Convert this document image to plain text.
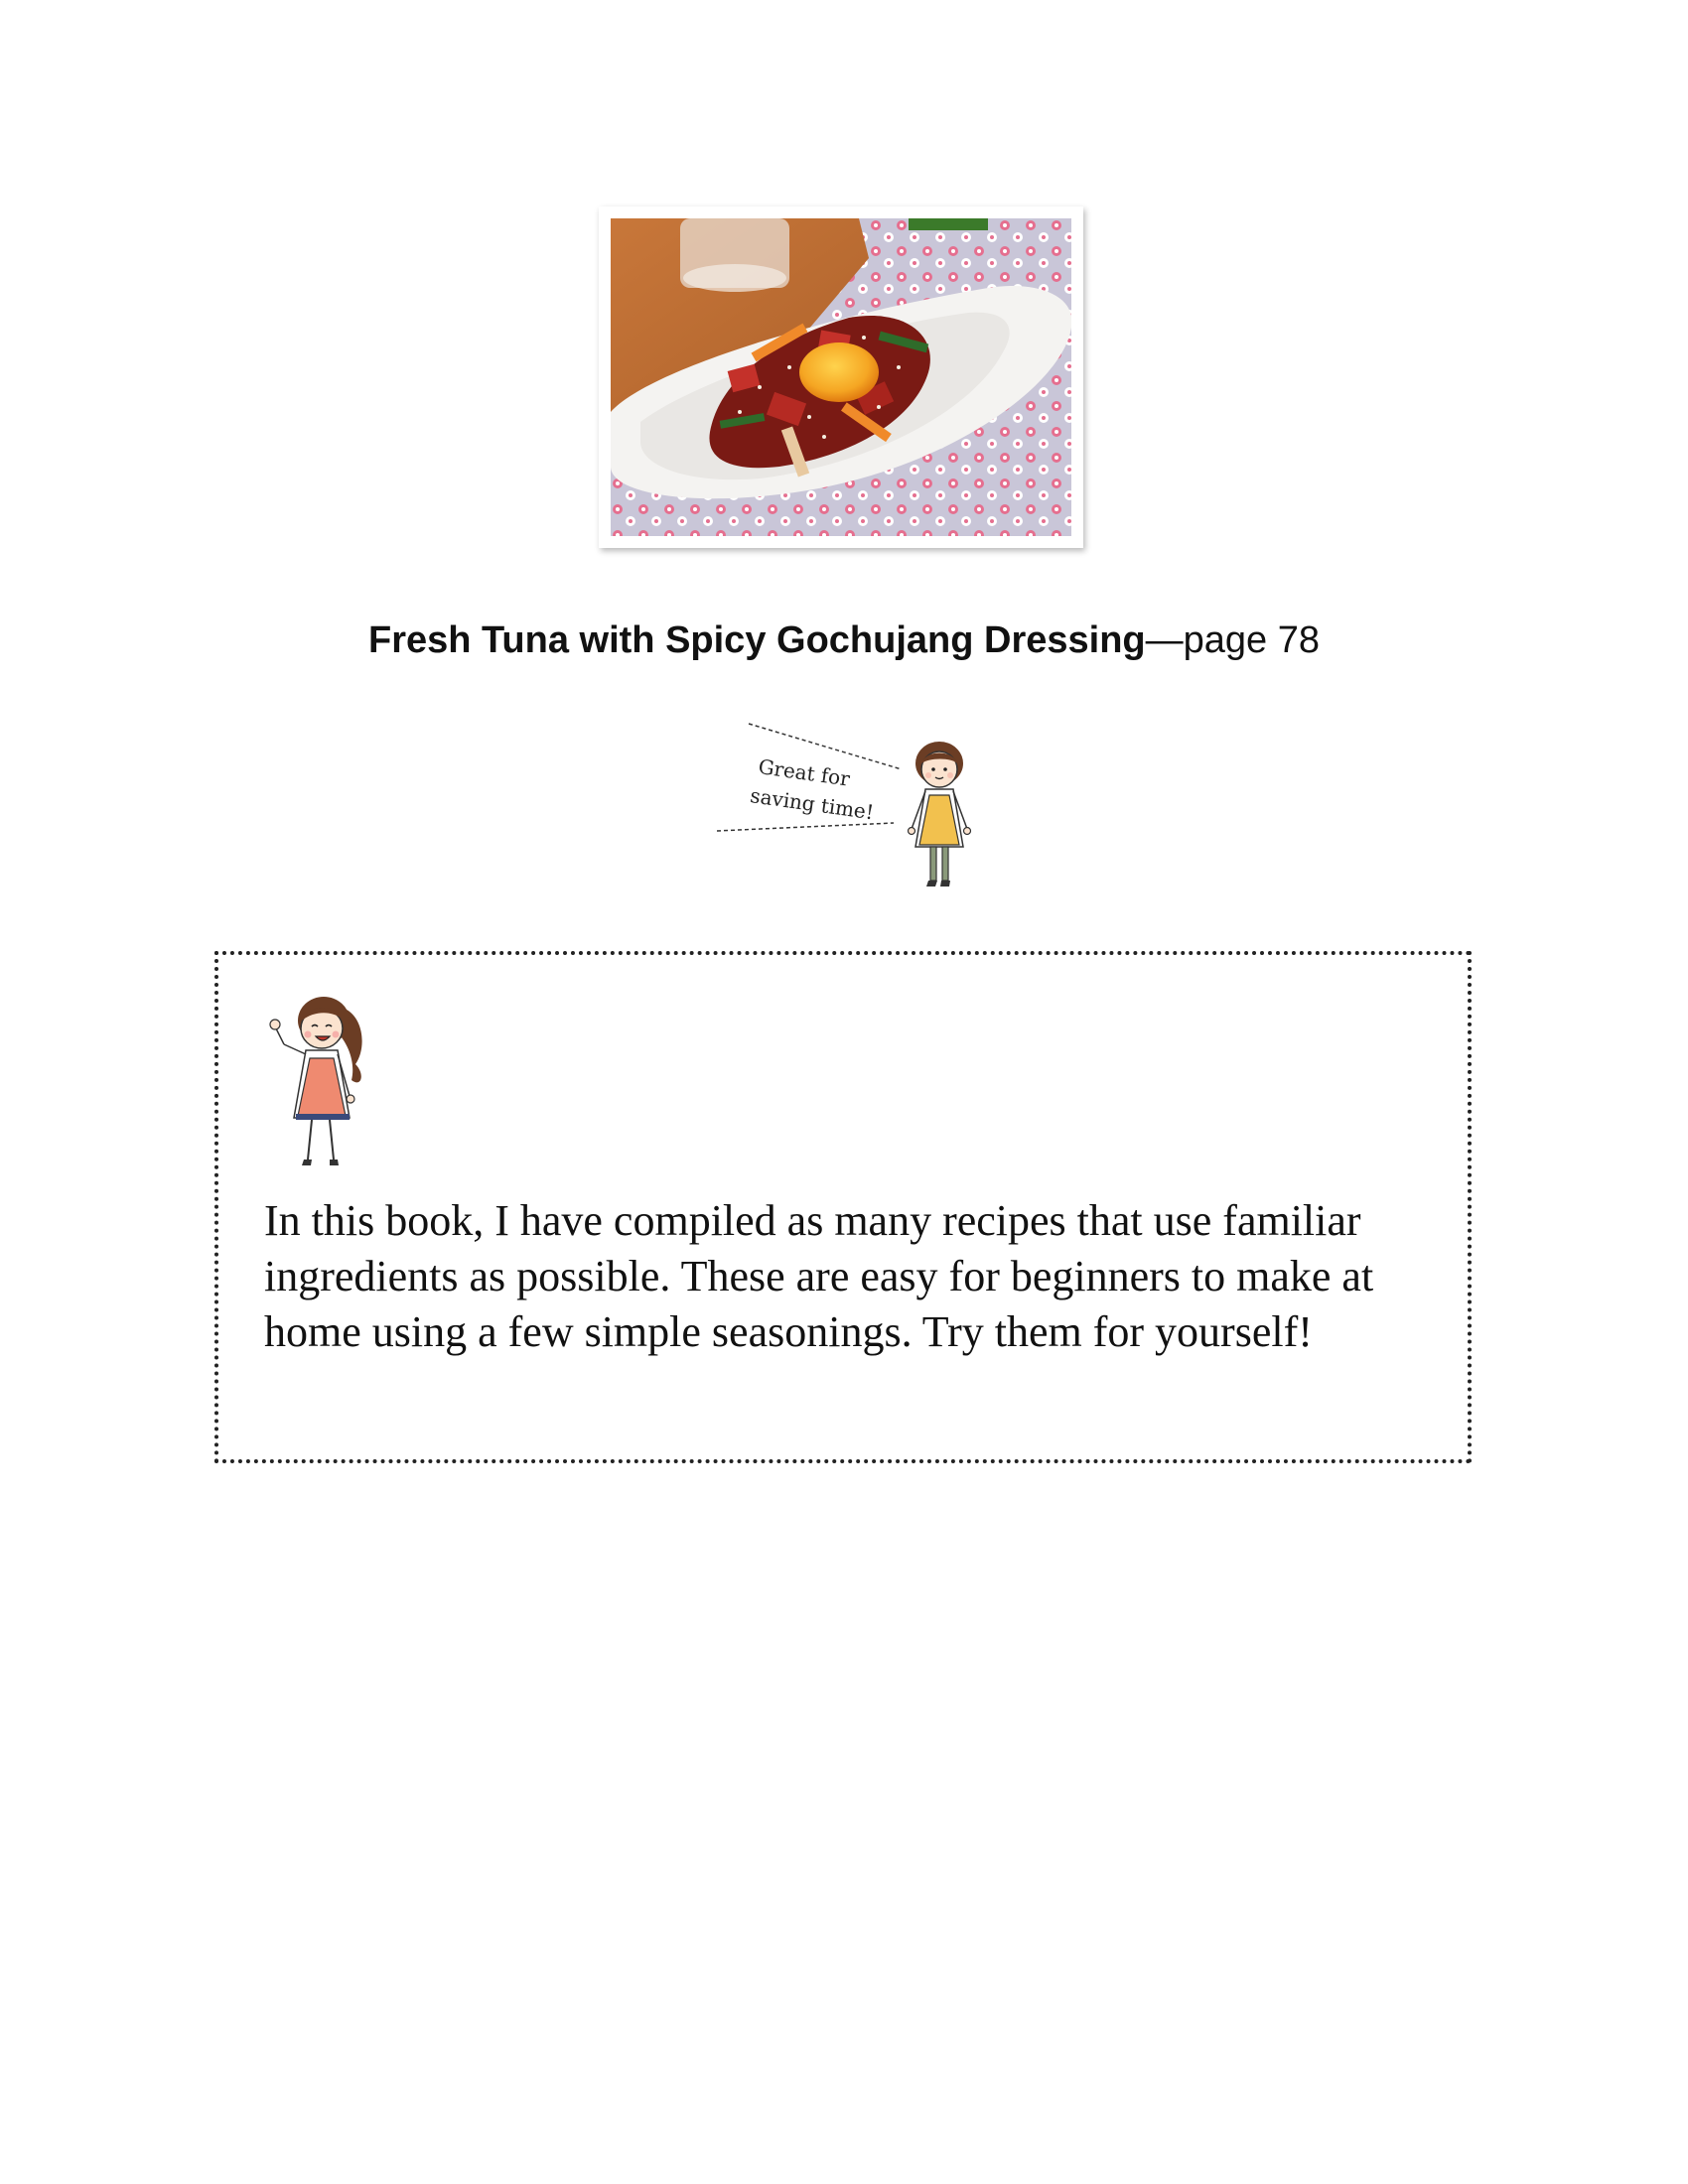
Fresh Tuna with Spicy Gochujang Dressing—page 78
Great for
saving time!
In this book, I have compiled as many recipes that use familiar ingredients as possible. These are easy for beginners to make at home using a few simple seasonings. Try them for yourself!
